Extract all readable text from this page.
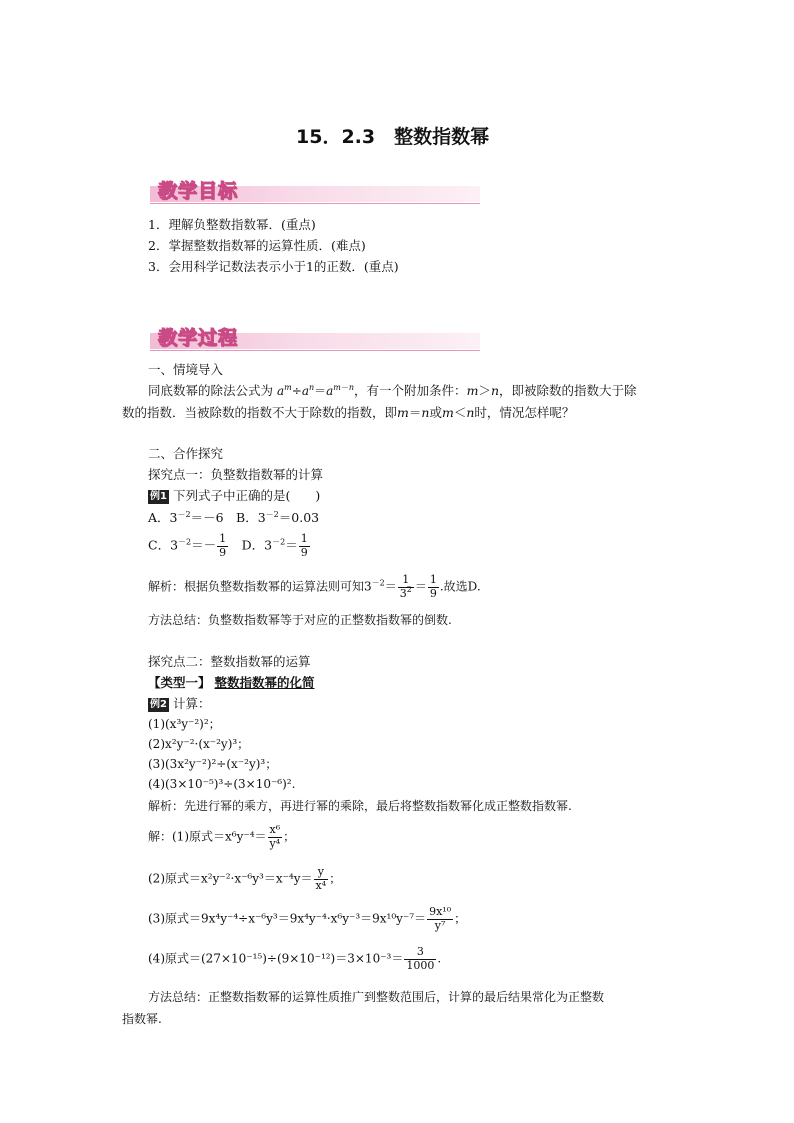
15．2.3　整数指数幂
教学目标
1．理解负整数指数幂．(重点)
2．掌握整数指数幂的运算性质．(难点)
3．会用科学记数法表示小于1的正数．(重点)
教学过程
一、情境导入
同底数幂的除法公式为 $a^m\div a^n=a^{m-n}$，有一个附加条件：m＞n，即被除数的指数大于除
数的指数．当被除数的指数不大于除数的指数，即m＝n或m＜n时，情况怎样呢？
二、合作探究
探究点一：负整数指数幂的计算
例1 下列式子中正确的是(　　)
A．$3^{-2}=-6$　B．$3^{-2}=0.03$
C．$3^{-2}=- \frac{1}{9}$ 　D．$3^{-2}= \frac{1}{9}$
解析：根据负整数指数幂的运算法则可知$3^{-2}= \frac{1}{3^2} = \frac{1}{9}$ .故选D.
方法总结：负整数指数幂等于对应的正整数指数幂的倒数.
探究点二：整数指数幂的运算
【类型一】 整数指数幂的化简
例2 计算：
(1)(x³y⁻²)²；
(2)x²y⁻²·(x⁻²y)³；
(3)(3x²y⁻²)²÷(x⁻²y)³；
(4)(3×10⁻⁵)³÷(3×10⁻⁶)².
解析：先进行幂的乘方，再进行幂的乘除，最后将整数指数幂化成正整数指数幂.
解：(1)原式$=x^6y^{-4}= \frac{\text{x⁶}}{\text{y⁴}}$ ；
(2)原式$=x^2y^{-2}\cdot x^{-6}y^3=x^{-4}y= \frac{y}{\text{x⁴}}$ ；
(3)原式$=9x^4y^{-4}\div x^{-6}y^3=9x^4y^{-4}\cdot x^6y^{-3}=9x^{10}y^{-7}= \frac{\text{9x¹⁰}}{\text{y⁷}}$ ；
(4)原式$=(27\times 10^{-15})\div(9\times 10^{-12})=3\times 10^{-3}= \frac{3}{1000}$ .
方法总结：正整数指数幂的运算性质推广到整数范围后，计算的最后结果常化为正整数
指数幂.
